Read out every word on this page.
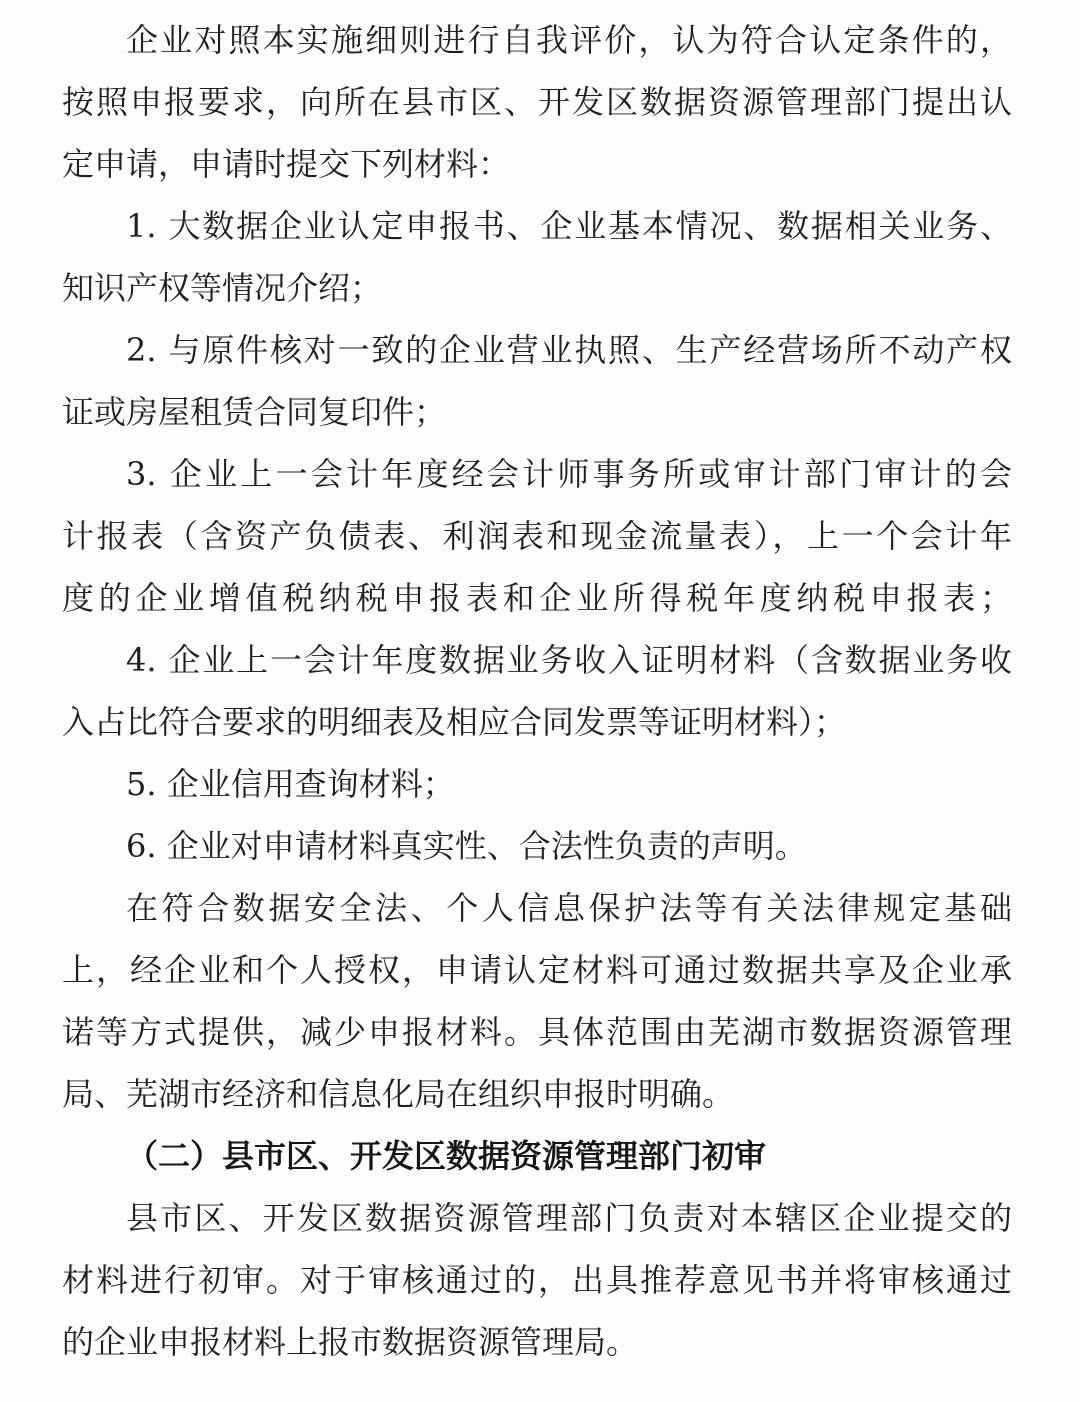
企业对照本实施细则进行自我评价，认为符合认定条件的，
按照申报要求，向所在县市区、开发区数据资源管理部门提出认
定申请，申请时提交下列材料：
1. 大数据企业认定申报书、企业基本情况、数据相关业务、
知识产权等情况介绍；
2. 与原件核对一致的企业营业执照、生产经营场所不动产权
证或房屋租赁合同复印件；
3. 企业上一会计年度经会计师事务所或审计部门审计的会
计报表（含资产负债表、利润表和现金流量表），上一个会计年
度的企业增值税纳税申报表和企业所得税年度纳税申报表；
4. 企业上一会计年度数据业务收入证明材料（含数据业务收
入占比符合要求的明细表及相应合同发票等证明材料）；
5. 企业信用查询材料；
6. 企业对申请材料真实性、合法性负责的声明。
在符合数据安全法、个人信息保护法等有关法律规定基础
上，经企业和个人授权，申请认定材料可通过数据共享及企业承
诺等方式提供，减少申报材料。具体范围由芜湖市数据资源管理
局、芜湖市经济和信息化局在组织申报时明确。
（二）县市区、开发区数据资源管理部门初审
县市区、开发区数据资源管理部门负责对本辖区企业提交的
材料进行初审。对于审核通过的，出具推荐意见书并将审核通过
的企业申报材料上报市数据资源管理局。
